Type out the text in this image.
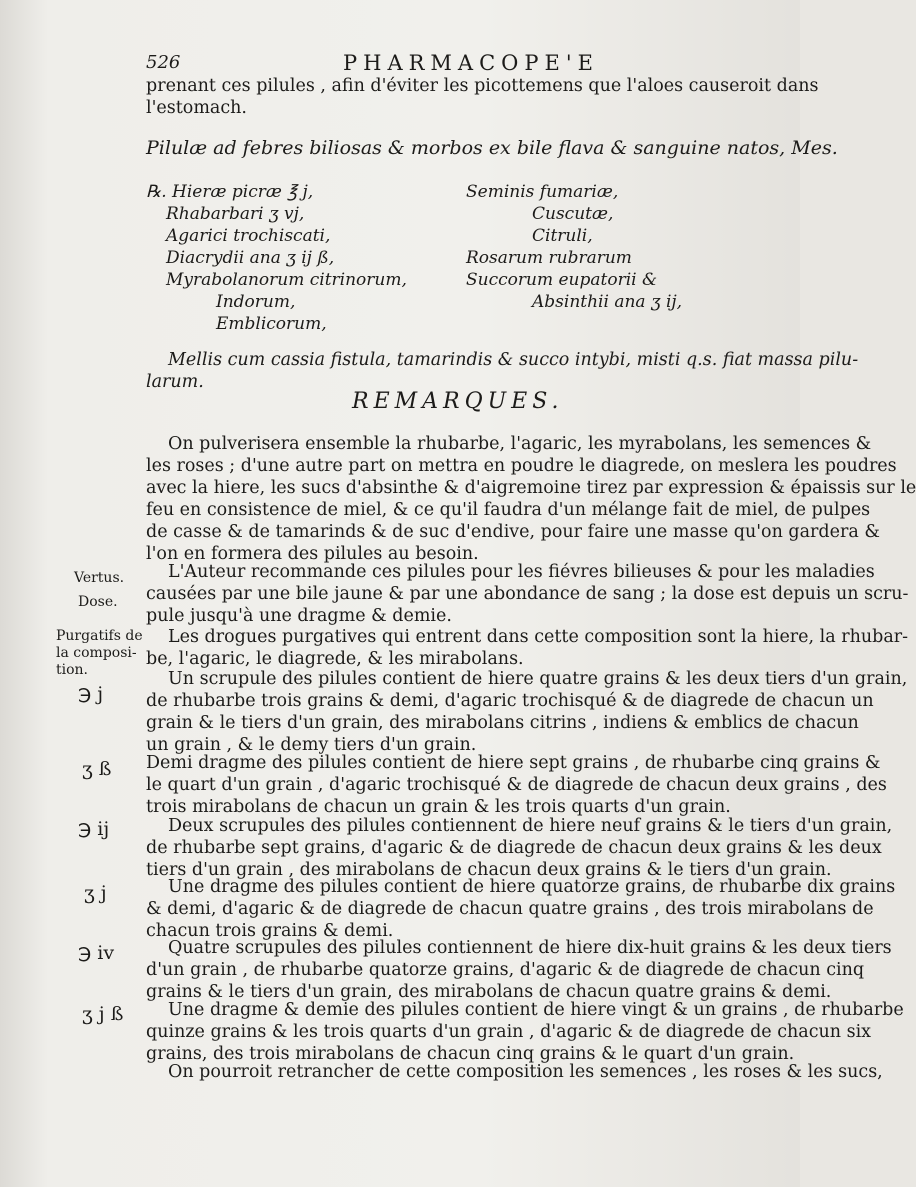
526	PHARMACOPE'E
prenant ces pilules , afin d'éviter les picottemens que l'aloes causeroit dans
l'estomach.
Pilulæ ad febres biliosas & morbos ex bile flava & sanguine natos, Mes.
℞. Hieræ picræ ℥ j,
Rhabarbari ʒ vj,
Agarici trochiscati,
Diacrydii ana ʒ ij ß,
Myrabolanorum citrinorum,
Indorum,
Emblicorum,
Seminis fumariæ,
Cuscutæ,
Citruli,
Rosarum rubrarum
Succorum eupatorii &
Absinthii ana ʒ ij,
Mellis cum cassia fistula, tamarindis & succo intybi, misti q.s. fiat massa pilu-
larum.
REMARQUES.
On pulverisera ensemble la rhubarbe, l'agaric, les myrabolans, les semences &
les roses ; d'une autre part on mettra en poudre le diagrede, on meslera les poudres
avec la hiere, les sucs d'absinthe & d'aigremoine tirez par expression & épaissis sur le
feu en consistence de miel, & ce qu'il faudra d'un mélange fait de miel, de pulpes
de casse & de tamarinds & de suc d'endive, pour faire une masse qu'on gardera &
l'on en formera des pilules au besoin.
L'Auteur recommande ces pilules pour les fiévres bilieuses & pour les maladies
causées par une bile jaune & par une abondance de sang ; la dose est depuis un scru-
pule jusqu'à une dragme & demie.
Les drogues purgatives qui entrent dans cette composition sont la hiere, la rhubar-
be, l'agaric, le diagrede, & les mirabolans.
Un scrupule des pilules contient de hiere quatre grains & les deux tiers d'un grain,
de rhubarbe trois grains & demi, d'agaric trochisqué & de diagrede de chacun un
grain & le tiers d'un grain, des mirabolans citrins , indiens & emblics de chacun
un grain , & le demy tiers d'un grain.
Demi dragme des pilules contient de hiere sept grains , de rhubarbe cinq grains &
le quart d'un grain , d'agaric trochisqué & de diagrede de chacun deux grains , des
trois mirabolans de chacun un grain & les trois quarts d'un grain.
Deux scrupules des pilules contiennent de hiere neuf grains & le tiers d'un grain,
de rhubarbe sept grains, d'agaric & de diagrede de chacun deux grains & les deux
tiers d'un grain , des mirabolans de chacun deux grains & le tiers d'un grain.
Une dragme des pilules contient de hiere quatorze grains, de rhubarbe dix grains
& demi, d'agaric & de diagrede de chacun quatre grains , des trois mirabolans de
chacun trois grains & demi.
Quatre scrupules des pilules contiennent de hiere dix-huit grains & les deux tiers
d'un grain , de rhubarbe quatorze grains, d'agaric & de diagrede de chacun cinq
grains & le tiers d'un grain, des mirabolans de chacun quatre grains & demi.
Une dragme & demie des pilules contient de hiere vingt & un grains , de rhubarbe
quinze grains & les trois quarts d'un grain , d'agaric & de diagrede de chacun six
grains, des trois mirabolans de chacun cinq grains & le quart d'un grain.
On pourroit retrancher de cette composition les semences , les roses & les sucs,
Vertus.
Dose.
Purgatifs de
la composi-
tion.
℈ j
ʒ ß
℈ ij
ʒ j
℈ iv
ʒ j ß
